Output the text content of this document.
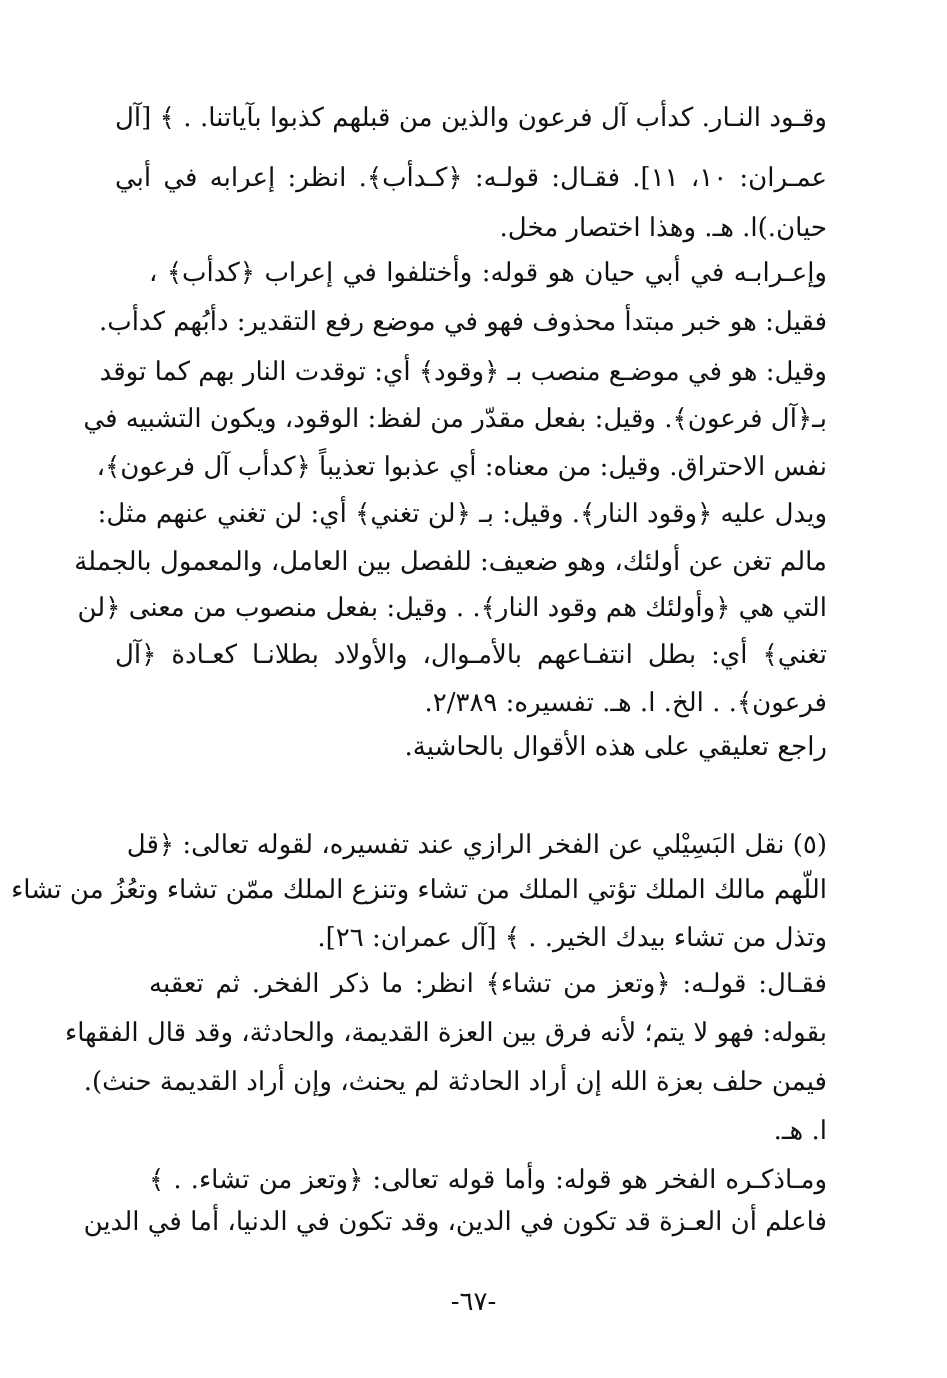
وقـود النـار. كدأب آل فرعون والذين من قبلهم كذبوا بآياتنا. . ﴾ [آل
عمـران: ١٠، ١١]. فقـال: قولـه: ﴿كـدأب﴾. انظر: إعرابه في أبي
حيان.)ا. هـ. وهذا اختصار مخل.
وإعـرابـه في أبي حيان هو قوله: وأختلفوا في إعراب ﴿كدأب﴾ ،
فقيل: هو خبر مبتدأ محذوف فهو في موضع رفع التقدير: دأبُهم كدأب.
وقيل: هو في موضـع منصب بـ ﴿وقود﴾ أي: توقدت النار بهم كما توقد
بـ﴿آل فرعون﴾. وقيل: بفعل مقدّر من لفظ: الوقود، ويكون التشبيه في
نفس الاحتراق. وقيل: من معناه: أي عذبوا تعذيباً ﴿كدأب آل فرعون﴾،
ويدل عليه ﴿وقود النار﴾. وقيل: بـ ﴿لن تغني﴾ أي: لن تغني عنهم مثل:
مالم تغن عن أولئك، وهو ضعيف: للفصل بين العامل، والمعمول بالجملة
التي هي ﴿وأولئك هم وقود النار﴾. . وقيل: بفعل منصوب من معنى ﴿لن
تغني﴾ أي: بطل انتفـاعهم بالأمـوال، والأولاد بطلانـا كعـادة ﴿آل
فرعون﴾. . الخ. ا. هـ. تفسيره: ٢/٣٨٩.
راجع تعليقي على هذه الأقوال بالحاشية.
(٥) نقل البَسِيْلي عن الفخر الرازي عند تفسيره، لقوله تعالى: ﴿قل
اللّهم مالك الملك تؤتي الملك من تشاء وتنزع الملك ممّن تشاء وتعُزُ من تشاء
وتذل من تشاء بيدك الخير. . ﴾ [آل عمران: ٢٦].
فقـال: قولـه: ﴿وتعز من تشاء﴾ انظر: ما ذكر الفخر. ثم تعقبه
بقوله: فهو لا يتم؛ لأنه فرق بين العزة القديمة، والحادثة، وقد قال الفقهاء
فيمن حلف بعزة الله إن أراد الحادثة لم يحنث، وإن أراد القديمة حنث).
ا. هـ.
ومـاذكـره الفخر هو قوله: وأما قوله تعالى: ﴿وتعز من تشاء. . ﴾
فاعلم أن العـزة قد تكون في الدين، وقد تكون في الدنيا، أما في الدين
-٦٧-
